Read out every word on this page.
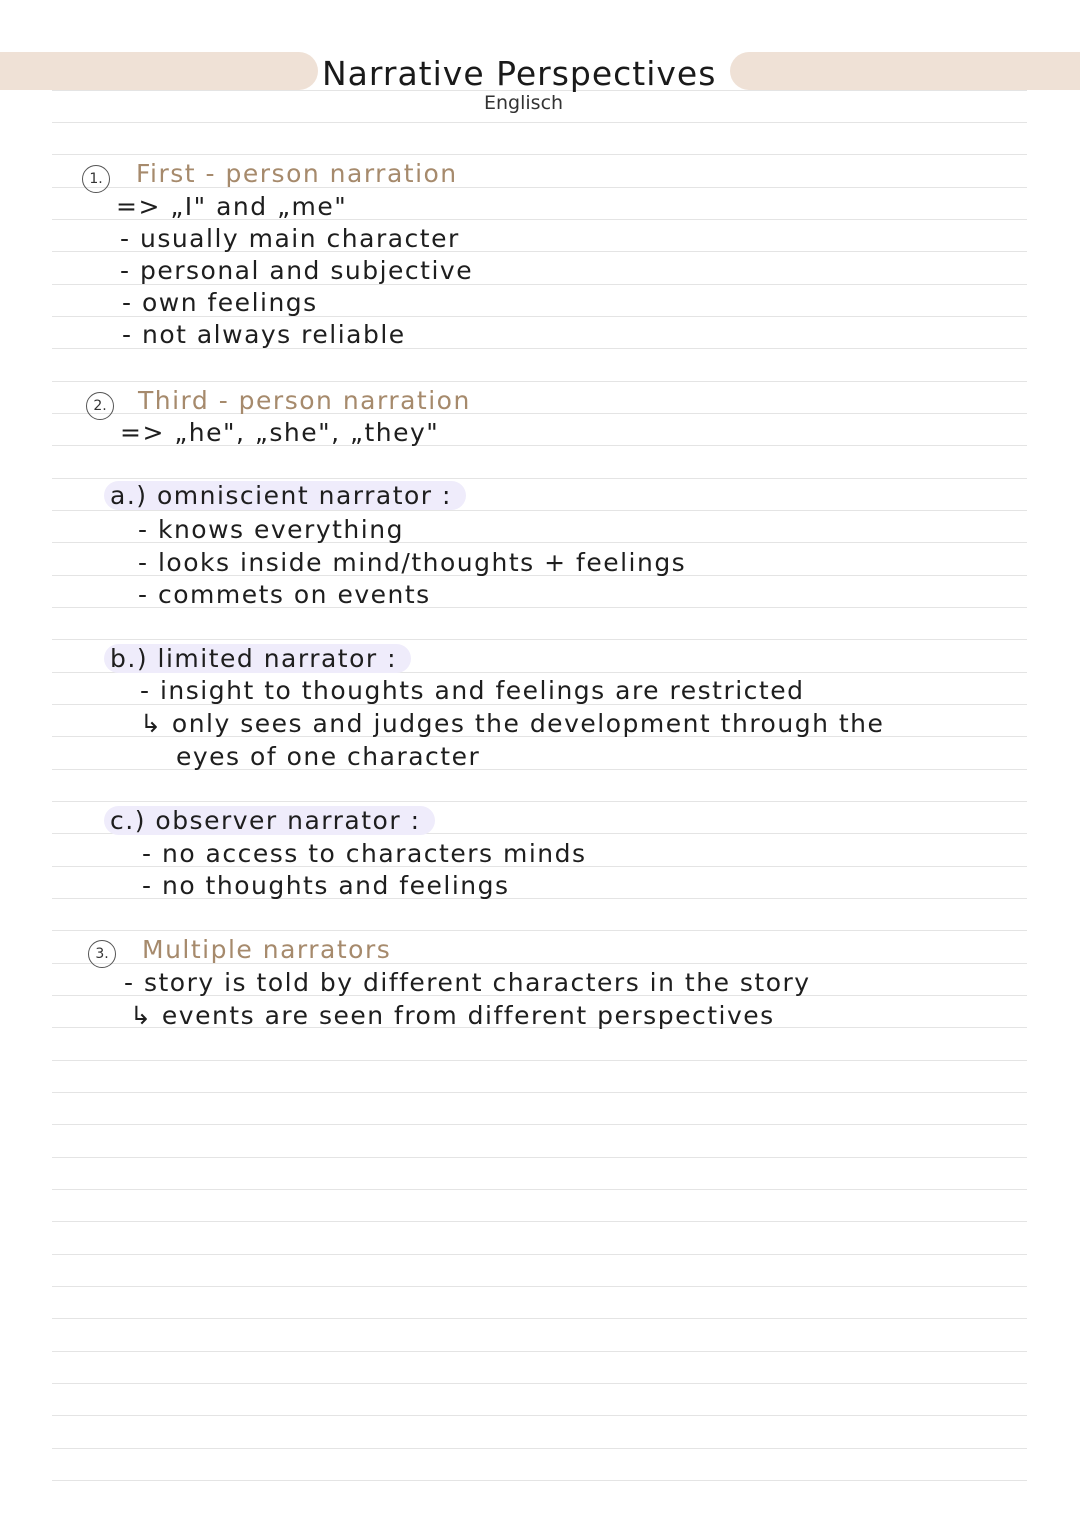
Narrative Perspectives
Englisch
1. First - person narration
=> „I" and „me"
- usually main character
- personal and subjective
- own feelings
- not always reliable
2. Third - person narration
=> „he", „she", „they"
a.) omniscient narrator :
- knows everything
- looks inside mind/thoughts + feelings
- commets on events
b.) limited narrator :
- insight to thoughts and feelings are restricted
↳ only sees and judges the development through the
eyes of one character
c.) observer narrator :
- no access to characters minds
- no thoughts and feelings
3. Multiple narrators
- story is told by different characters in the story
↳ events are seen from different perspectives
